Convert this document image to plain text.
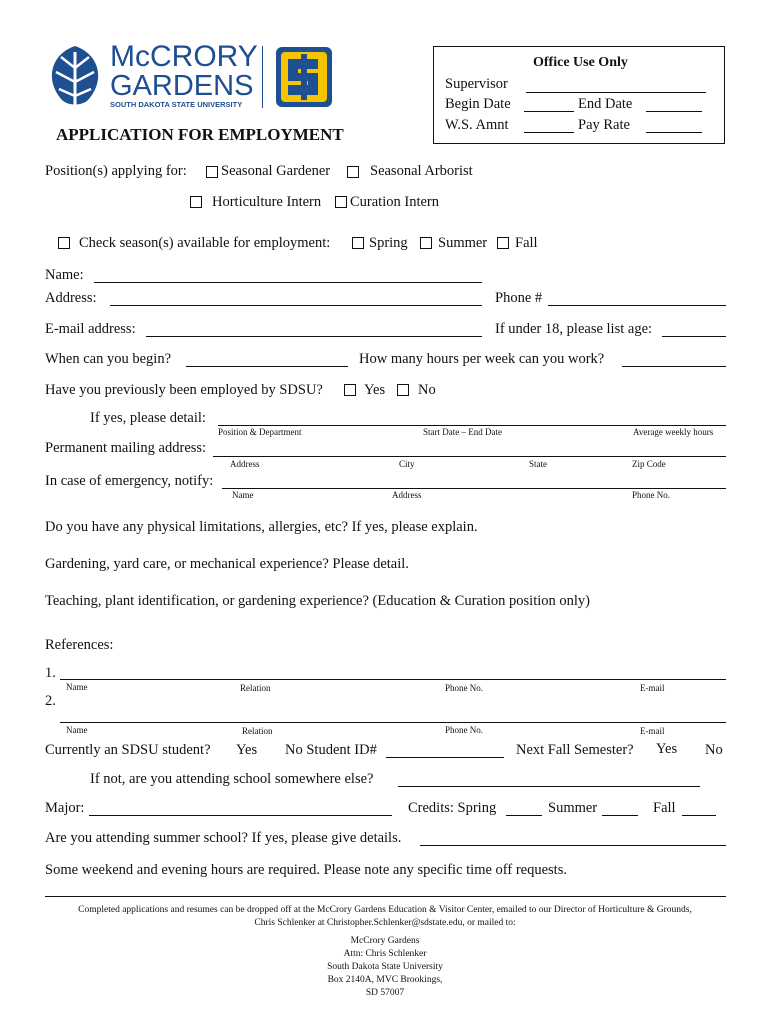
McCRORY
GARDENS
SOUTH DAKOTA STATE UNIVERSITY
APPLICATION FOR EMPLOYMENT
Office Use Only
Supervisor
Begin Date	End Date
W.S. Amnt	Pay Rate
Position(s) applying for: Seasonal Gardener	Seasonal Arborist
Horticulture Intern Curation Intern
Check season(s) available for employment:	Spring Summer Fall
Name:
Address:	Phone #
E-mail address:	If under 18, please list age:
When can you begin?	How many hours per week can you work?
Have you previously been employed by SDSU?	Yes No
If yes, please detail:
Position & Department	Start Date – End Date	Average weekly hours
Permanent mailing address:
Address	City	State	Zip Code
In case of emergency, notify:
Name	Address	Phone No.
Do you have any physical limitations, allergies, etc? If yes, please explain.
Gardening, yard care, or mechanical experience? Please detail.
Teaching, plant identification, or gardening experience? (Education & Curation position only)
References:
1.
Name	Relation	Phone No.	E-mail
2.
Name	Relation	Phone No.	E-mail
Currently an SDSU student? Yes No Student ID#	Next Fall Semester? Yes No
If not, are you attending school somewhere else?
Major:	Credits: Spring	Summer	Fall
Are you attending summer school? If yes, please give details.
Some weekend and evening hours are required. Please note any specific time off requests.
Completed applications and resumes can be dropped off at the McCrory Gardens Education & Visitor Center, emailed to our Director of Horticulture & Grounds,
Chris Schlenker at Christopher.Schlenker@sdstate.edu, or mailed to:
McCrory Gardens
Attn: Chris Schlenker
South Dakota State University
Box 2140A, MVC Brookings,
SD 57007
